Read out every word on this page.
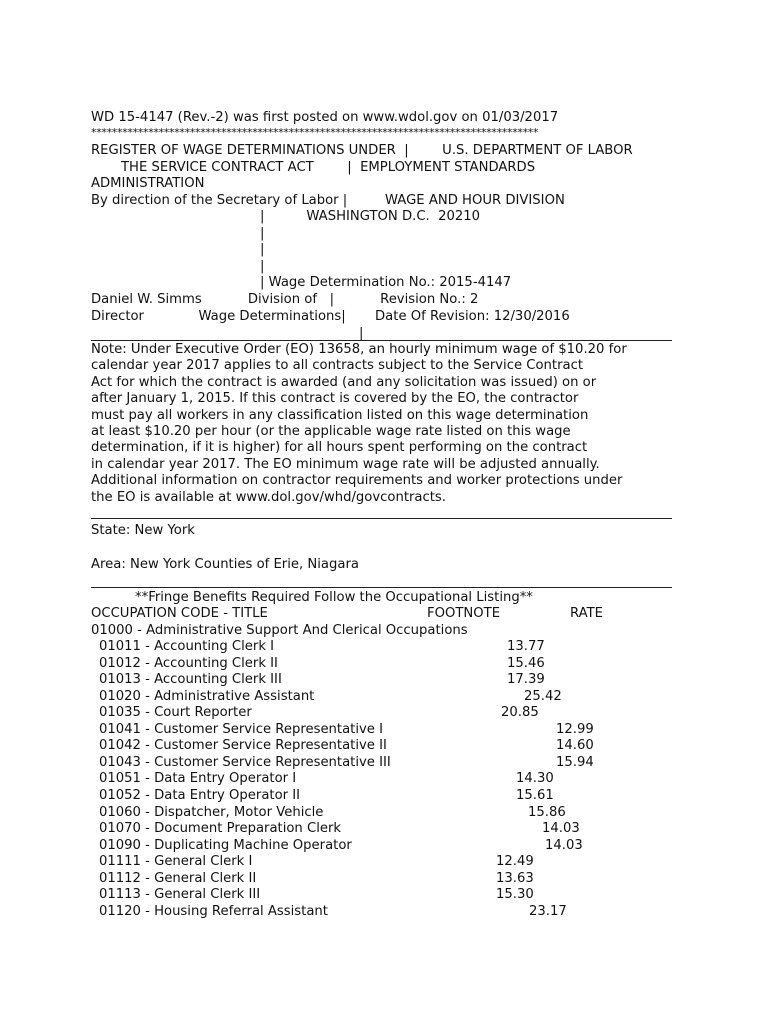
WD 15-4147 (Rev.-2) was first posted on www.wdol.gov on 01/03/2017
**************************************************************************************
REGISTER OF WAGE DETERMINATIONS UNDER  |        U.S. DEPARTMENT OF LABOR
THE SERVICE CONTRACT ACT        |  EMPLOYMENT STANDARDS
ADMINISTRATION
By direction of the Secretary of Labor |         WAGE AND HOUR DIVISION
|          WASHINGTON D.C.  20210
|
|
|
| Wage Determination No.: 2015-4147
Daniel W. Simms           Division of   |           Revision No.: 2
Director             Wage Determinations|       Date Of Revision: 12/30/2016
|
Note: Under Executive Order (EO) 13658, an hourly minimum wage of $10.20 for
calendar year 2017 applies to all contracts subject to the Service Contract
Act for which the contract is awarded (and any solicitation was issued) on or
after January 1, 2015. If this contract is covered by the EO, the contractor
must pay all workers in any classification listed on this wage determination
at least $10.20 per hour (or the applicable wage rate listed on this wage
determination, if it is higher) for all hours spent performing on the contract
in calendar year 2017. The EO minimum wage rate will be adjusted annually.
Additional information on contractor requirements and worker protections under
the EO is available at www.dol.gov/whd/govcontracts.
State: New York
Area: New York Counties of Erie, Niagara
**Fringe Benefits Required Follow the Occupational Listing**
OCCUPATION CODE - TITLE	FOOTNOTE	RATE
01000 - Administrative Support And Clerical Occupations
01011 - Accounting Clerk I	13.77
01012 - Accounting Clerk II	15.46
01013 - Accounting Clerk III	17.39
01020 - Administrative Assistant	25.42
01035 - Court Reporter	20.85
01041 - Customer Service Representative I	12.99
01042 - Customer Service Representative II	14.60
01043 - Customer Service Representative III	15.94
01051 - Data Entry Operator I	14.30
01052 - Data Entry Operator II	15.61
01060 - Dispatcher, Motor Vehicle	15.86
01070 - Document Preparation Clerk	14.03
01090 - Duplicating Machine Operator	14.03
01111 - General Clerk I	12.49
01112 - General Clerk II	13.63
01113 - General Clerk III	15.30
01120 - Housing Referral Assistant	23.17
